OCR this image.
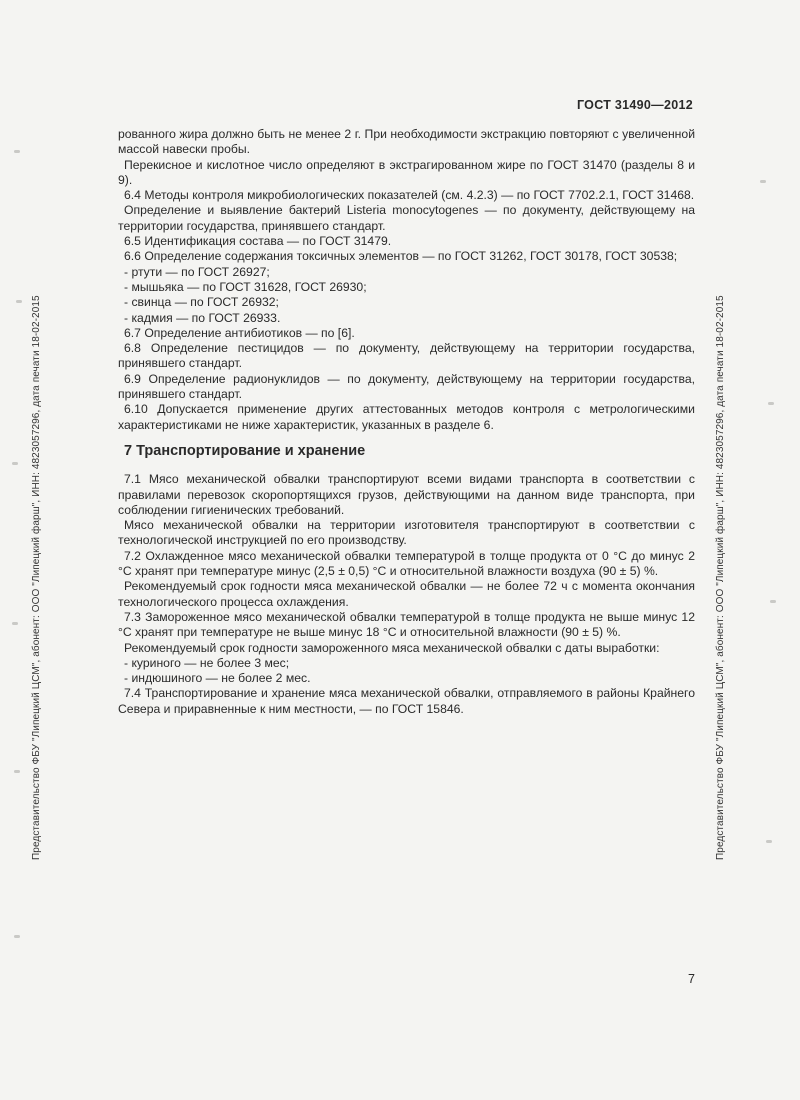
ГОСТ 31490—2012
Представительство ФБУ "Липецкий ЦСМ", абонент: ООО "Липецкий фарш", ИНН: 4823057296, дата печати 18-02-2015	Представительство ФБУ "Липецкий ЦСМ", абонент: ООО "Липецкий фарш", ИНН: 4823057296, дата печати 18-02-2015

рованного жира должно быть не менее 2 г. При необходимости экстракцию повторяют с увеличенной массой навески пробы.

Перекисное и кислотное число определяют в экстрагированном жире по ГОСТ 31470 (разделы 8 и 9).

6.4 Методы контроля микробиологических показателей (см. 4.2.3) — по ГОСТ 7702.2.1, ГОСТ 31468.

Определение и выявление бактерий Listeria monocytogenes — по документу, действующему на территории государства, принявшего стандарт.

6.5 Идентификация состава — по ГОСТ 31479.

6.6 Определение содержания токсичных элементов — по ГОСТ 31262, ГОСТ 30178, ГОСТ 30538;

- ртути — по ГОСТ 26927;

- мышьяка — по ГОСТ 31628, ГОСТ 26930;

- свинца — по ГОСТ 26932;

- кадмия — по ГОСТ 26933.

6.7 Определение антибиотиков — по [6].

6.8 Определение пестицидов — по документу, действующему на территории государства, принявшего стандарт.

6.9 Определение радионуклидов — по документу, действующему на территории государства, принявшего стандарт.

6.10 Допускается применение других аттестованных методов контроля с метрологическими характеристиками не ниже характеристик, указанных в разделе 6.

7 Транспортирование и хранение

7.1 Мясо механической обвалки транспортируют всеми видами транспорта в соответствии с правилами перевозок скоропортящихся грузов, действующими на данном виде транспорта, при соблюдении гигиенических требований.

Мясо механической обвалки на территории изготовителя транспортируют в соответствии с технологической инструкцией по его производству.

7.2 Охлажденное мясо механической обвалки температурой в толще продукта от 0 °С до минус 2 °С хранят при температуре минус (2,5 ± 0,5) °С и относительной влажности воздуха (90 ± 5) %.

Рекомендуемый срок годности мяса механической обвалки — не более 72 ч с момента окончания технологического процесса охлаждения.

7.3 Замороженное мясо механической обвалки температурой в толще продукта не выше минус 12 °С хранят при температуре не выше минус 18 °С и относительной влажности (90 ± 5) %.

Рекомендуемый срок годности замороженного мяса механической обвалки с даты выработки:

- куриного — не более 3 мес;

- индюшиного — не более 2 мес.

7.4 Транспортирование и хранение мяса механической обвалки, отправляемого в районы Крайнего Севера и приравненные к ним местности, — по ГОСТ 15846.

7
